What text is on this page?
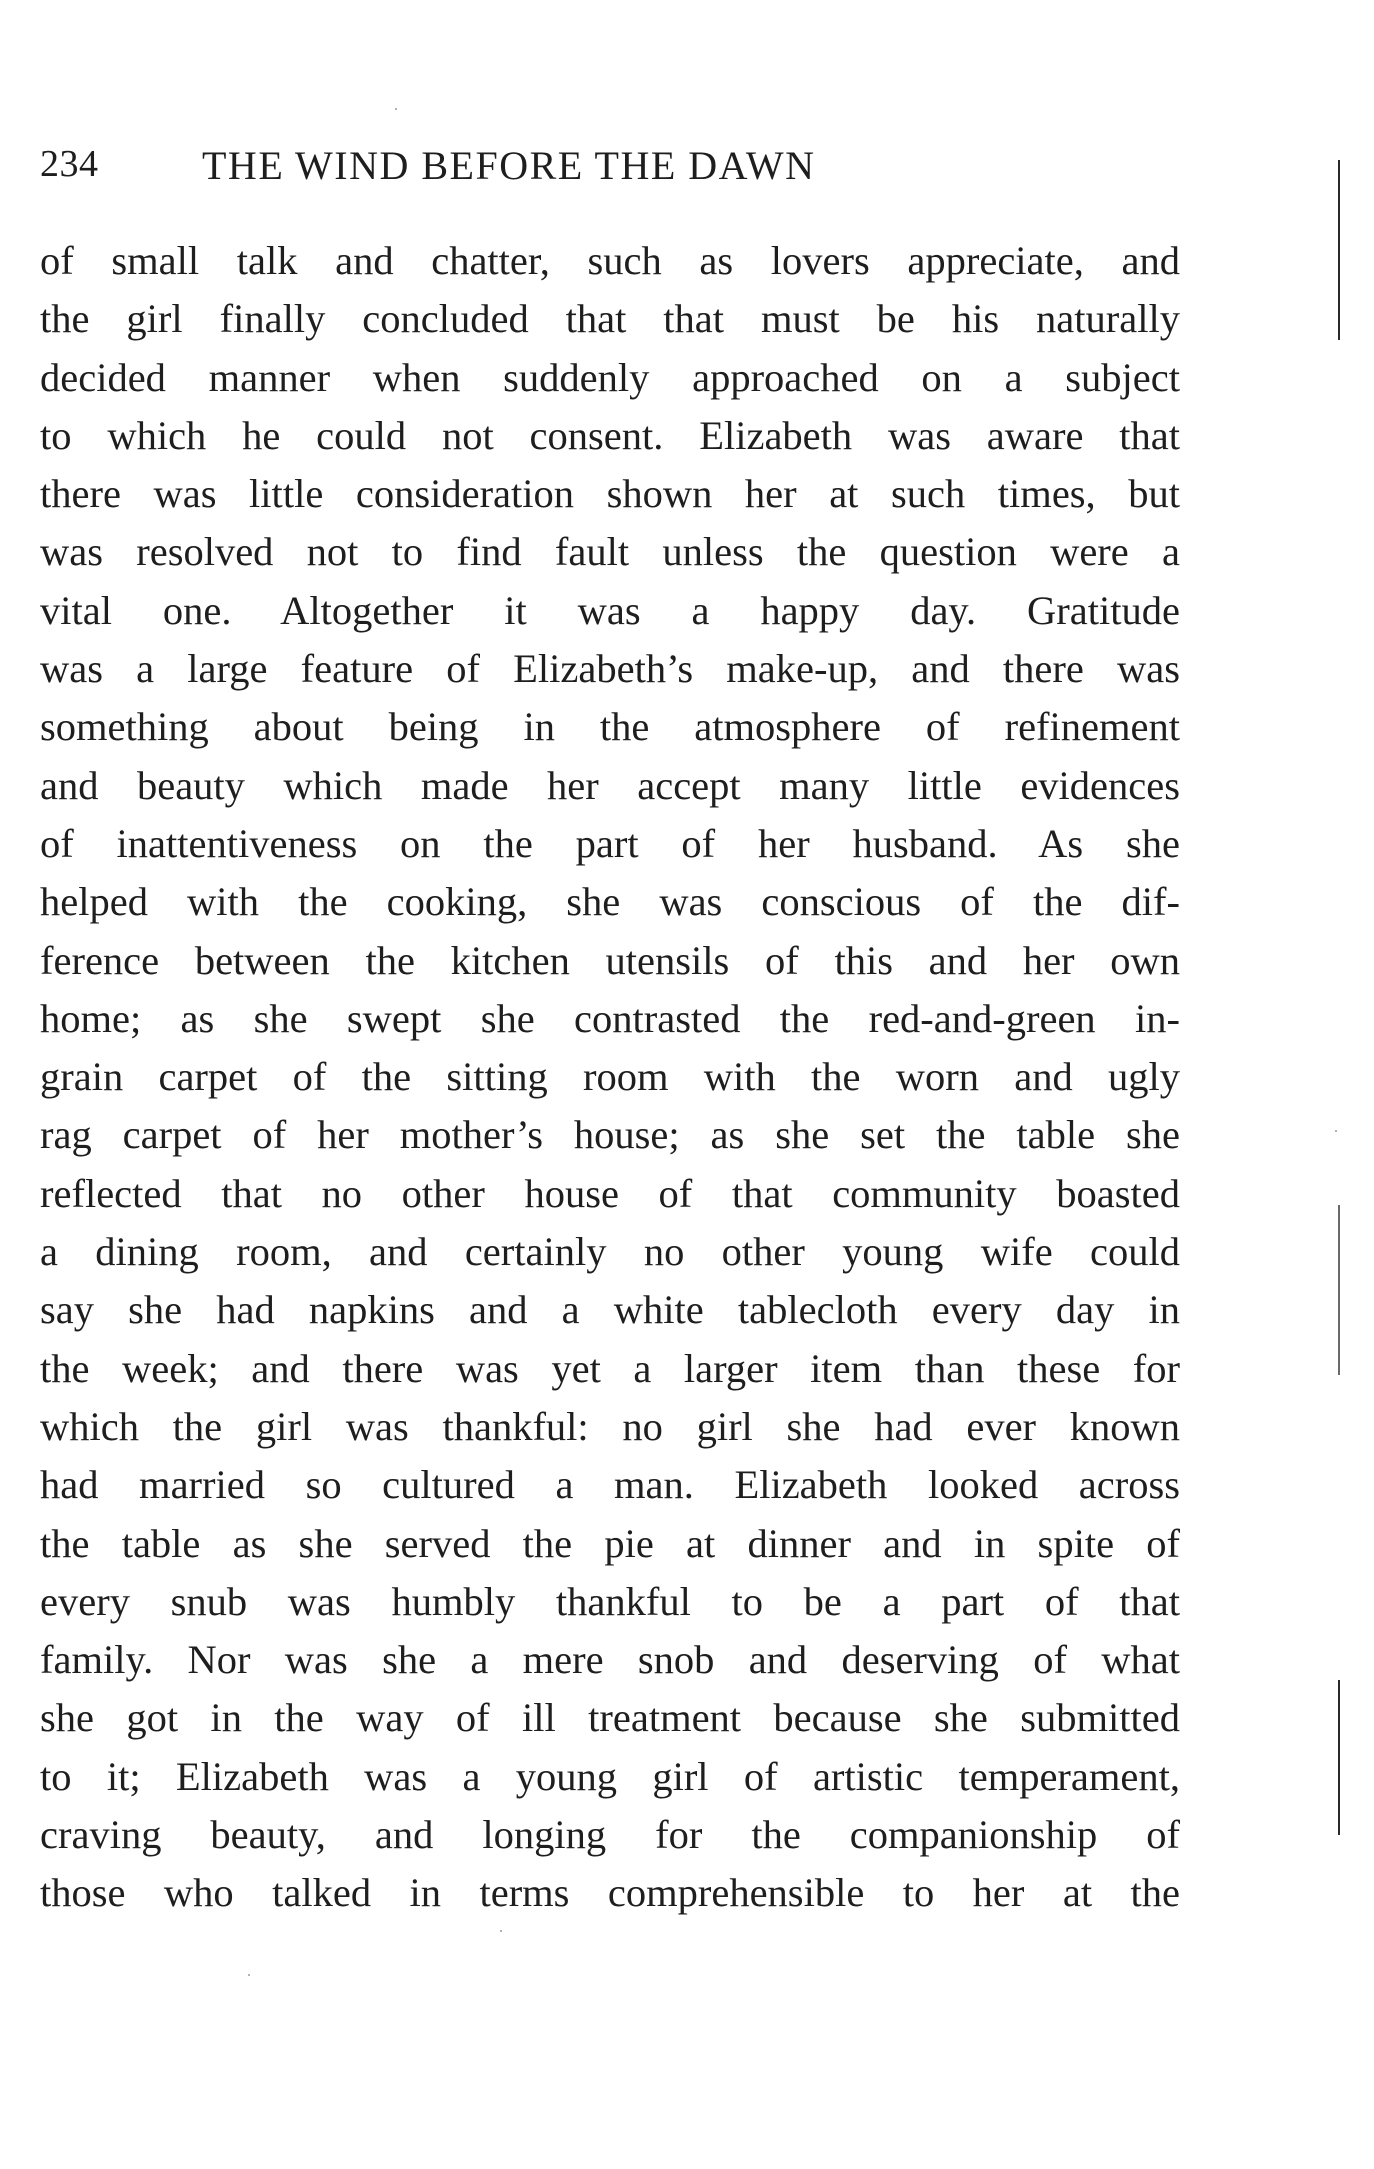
234	THE WIND BEFORE THE DAWN
of small talk and chatter, such as lovers appreciate, and
the girl finally concluded that that must be his naturally
decided manner when suddenly approached on a subject
to which he could not consent. Elizabeth was aware that
there was little consideration shown her at such times, but
was resolved not to find fault unless the question were a
vital one. Altogether it was a happy day. Gratitude
was a large feature of Elizabeth’s make-up, and there was
something about being in the atmosphere of refinement
and beauty which made her accept many little evidences
of inattentiveness on the part of her husband. As she
helped with the cooking, she was conscious of the dif-
ference between the kitchen utensils of this and her own
home; as she swept she contrasted the red-and-green in-
grain carpet of the sitting room with the worn and ugly
rag carpet of her mother’s house; as she set the table she
reflected that no other house of that community boasted
a dining room, and certainly no other young wife could
say she had napkins and a white tablecloth every day in
the week; and there was yet a larger item than these for
which the girl was thankful: no girl she had ever known
had married so cultured a man. Elizabeth looked across
the table as she served the pie at dinner and in spite of
every snub was humbly thankful to be a part of that
family. Nor was she a mere snob and deserving of what
she got in the way of ill treatment because she submitted
to it; Elizabeth was a young girl of artistic temperament,
craving beauty, and longing for the companionship of
those who talked in terms comprehensible to her at the
